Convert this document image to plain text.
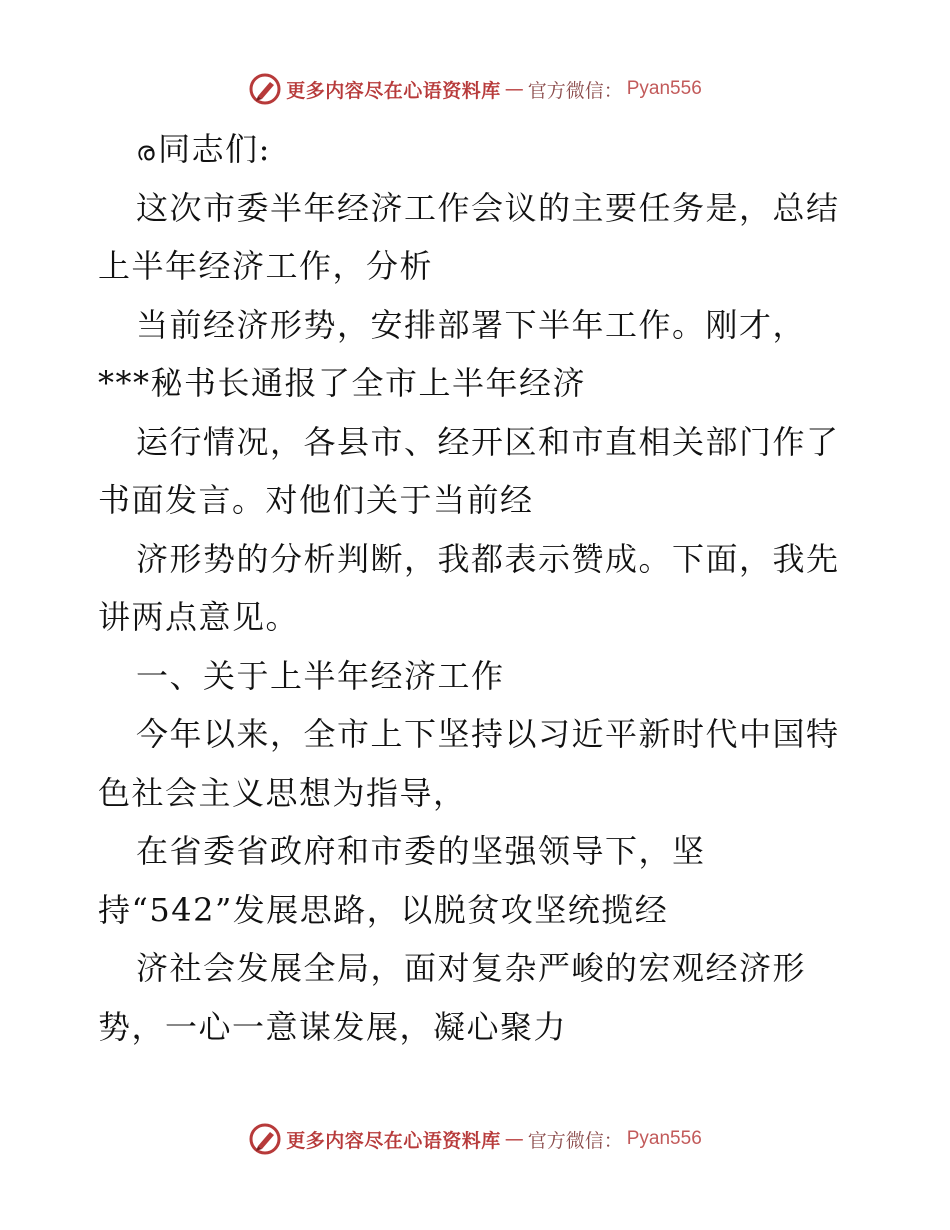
更多内容尽在心语资料库 — 官方微信： Pyan556
ര同志们:
这次市委半年经济工作会议的主要任务是，总结
上半年经济工作，分析
当前经济形势，安排部署下半年工作。刚才，
***秘书长通报了全市上半年经济
运行情况，各县市、经开区和市直相关部门作了
书面发言。对他们关于当前经
济形势的分析判断，我都表示赞成。下面，我先
讲两点意见。
一、关于上半年经济工作
今年以来，全市上下坚持以习近平新时代中国特
色社会主义思想为指导，
在省委省政府和市委的坚强领导下，坚
持“542”发展思路，以脱贫攻坚统揽经
济社会发展全局，面对复杂严峻的宏观经济形
势，一心一意谋发展，凝心聚力
更多内容尽在心语资料库 — 官方微信： Pyan556
